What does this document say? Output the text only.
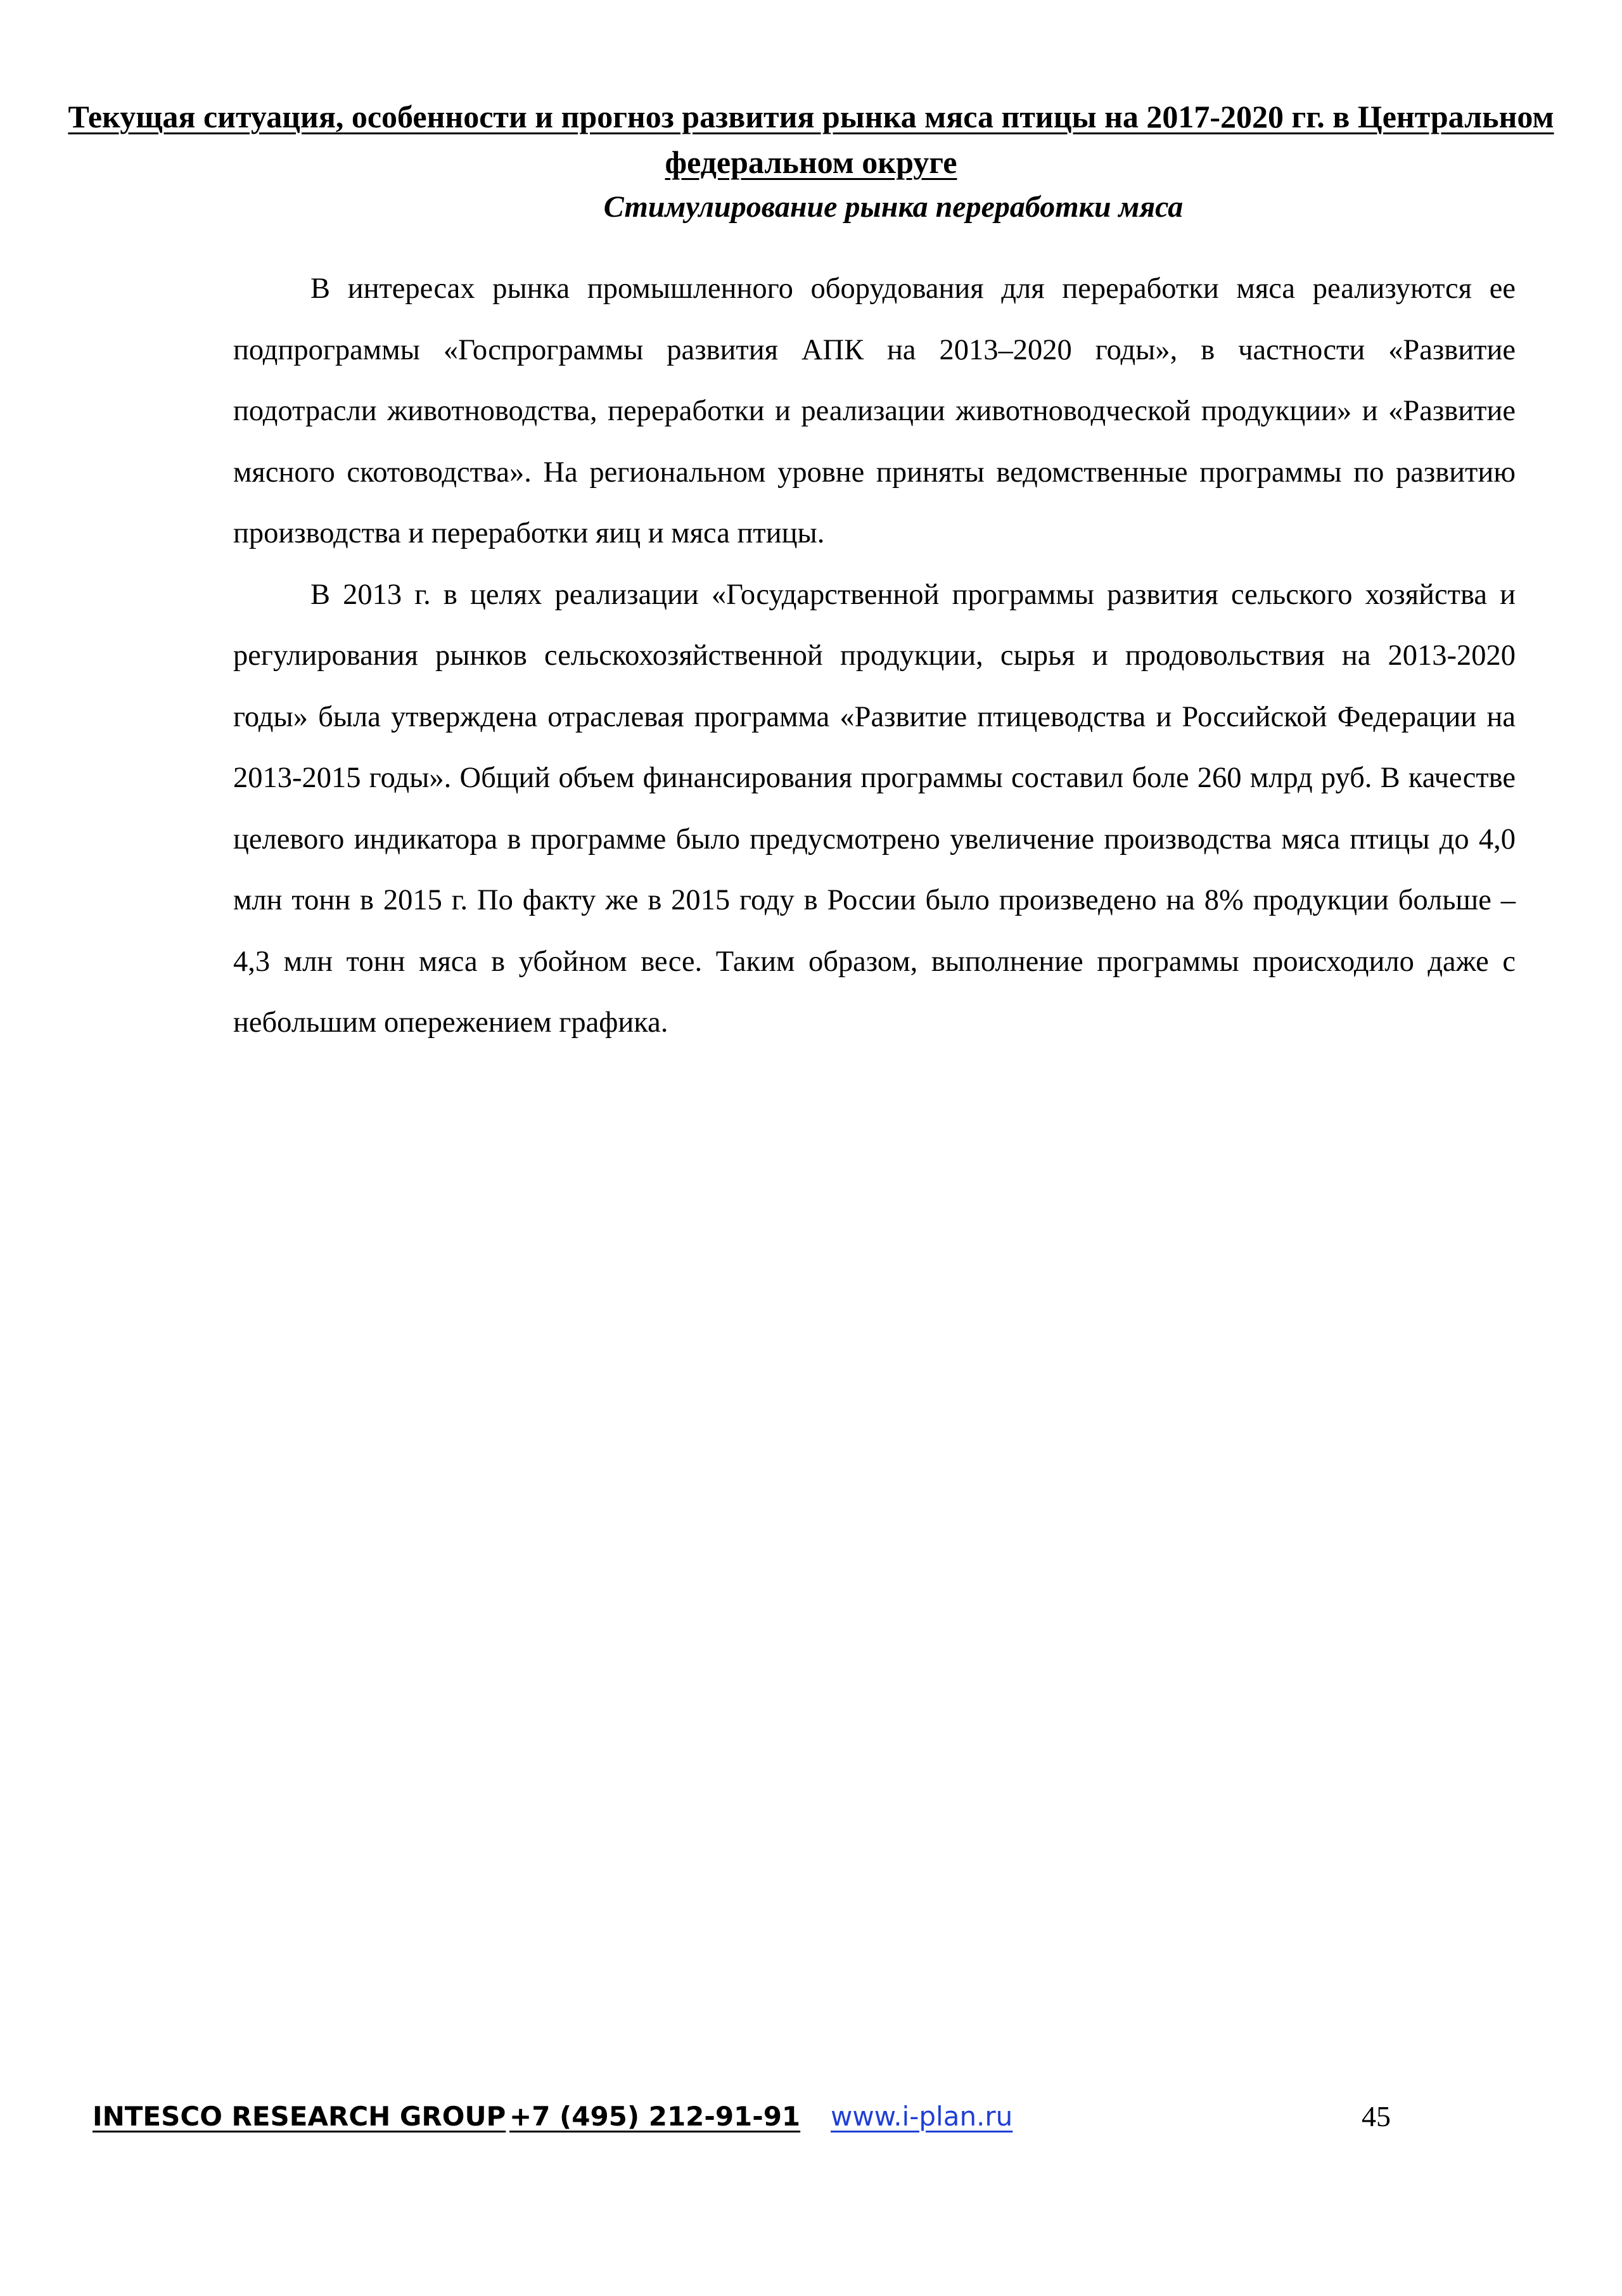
Текущая ситуация, особенности и прогноз развития рынка мяса птицы на 2017-2020 гг. в Центральном федеральном округе
Стимулирование рынка переработки мяса

В интересах рынка промышленного оборудования для переработки мяса реализуются ее подпрограммы «Госпрограммы развития АПК на 2013–2020 годы», в частности «Развитие подотрасли животноводства, переработки и реализации животноводческой продукции» и «Развитие мясного скотоводства». На региональном уровне приняты ведомственные программы по развитию производства и переработки яиц и мяса птицы.

В 2013 г. в целях реализации «Государственной программы развития сельского хозяйства и регулирования рынков сельскохозяйственной продукции, сырья и продовольствия на 2013-2020 годы» была утверждена отраслевая программа «Развитие птицеводства и Российской Федерации на 2013-2015 годы». Общий объем финансирования программы составил боле 260 млрд руб. В качестве целевого индикатора в программе было предусмотрено увеличение производства мяса птицы до 4,0 млн тонн в 2015 г. По факту же в 2015 году в России было произведено на 8% продукции больше – 4,3 млн тонн мяса в убойном весе. Таким образом, выполнение программы происходило даже с небольшим опережением графика.

INTESCO RESEARCH GROUP +7 (495) 212-91-91 www.i-plan.ru	45
